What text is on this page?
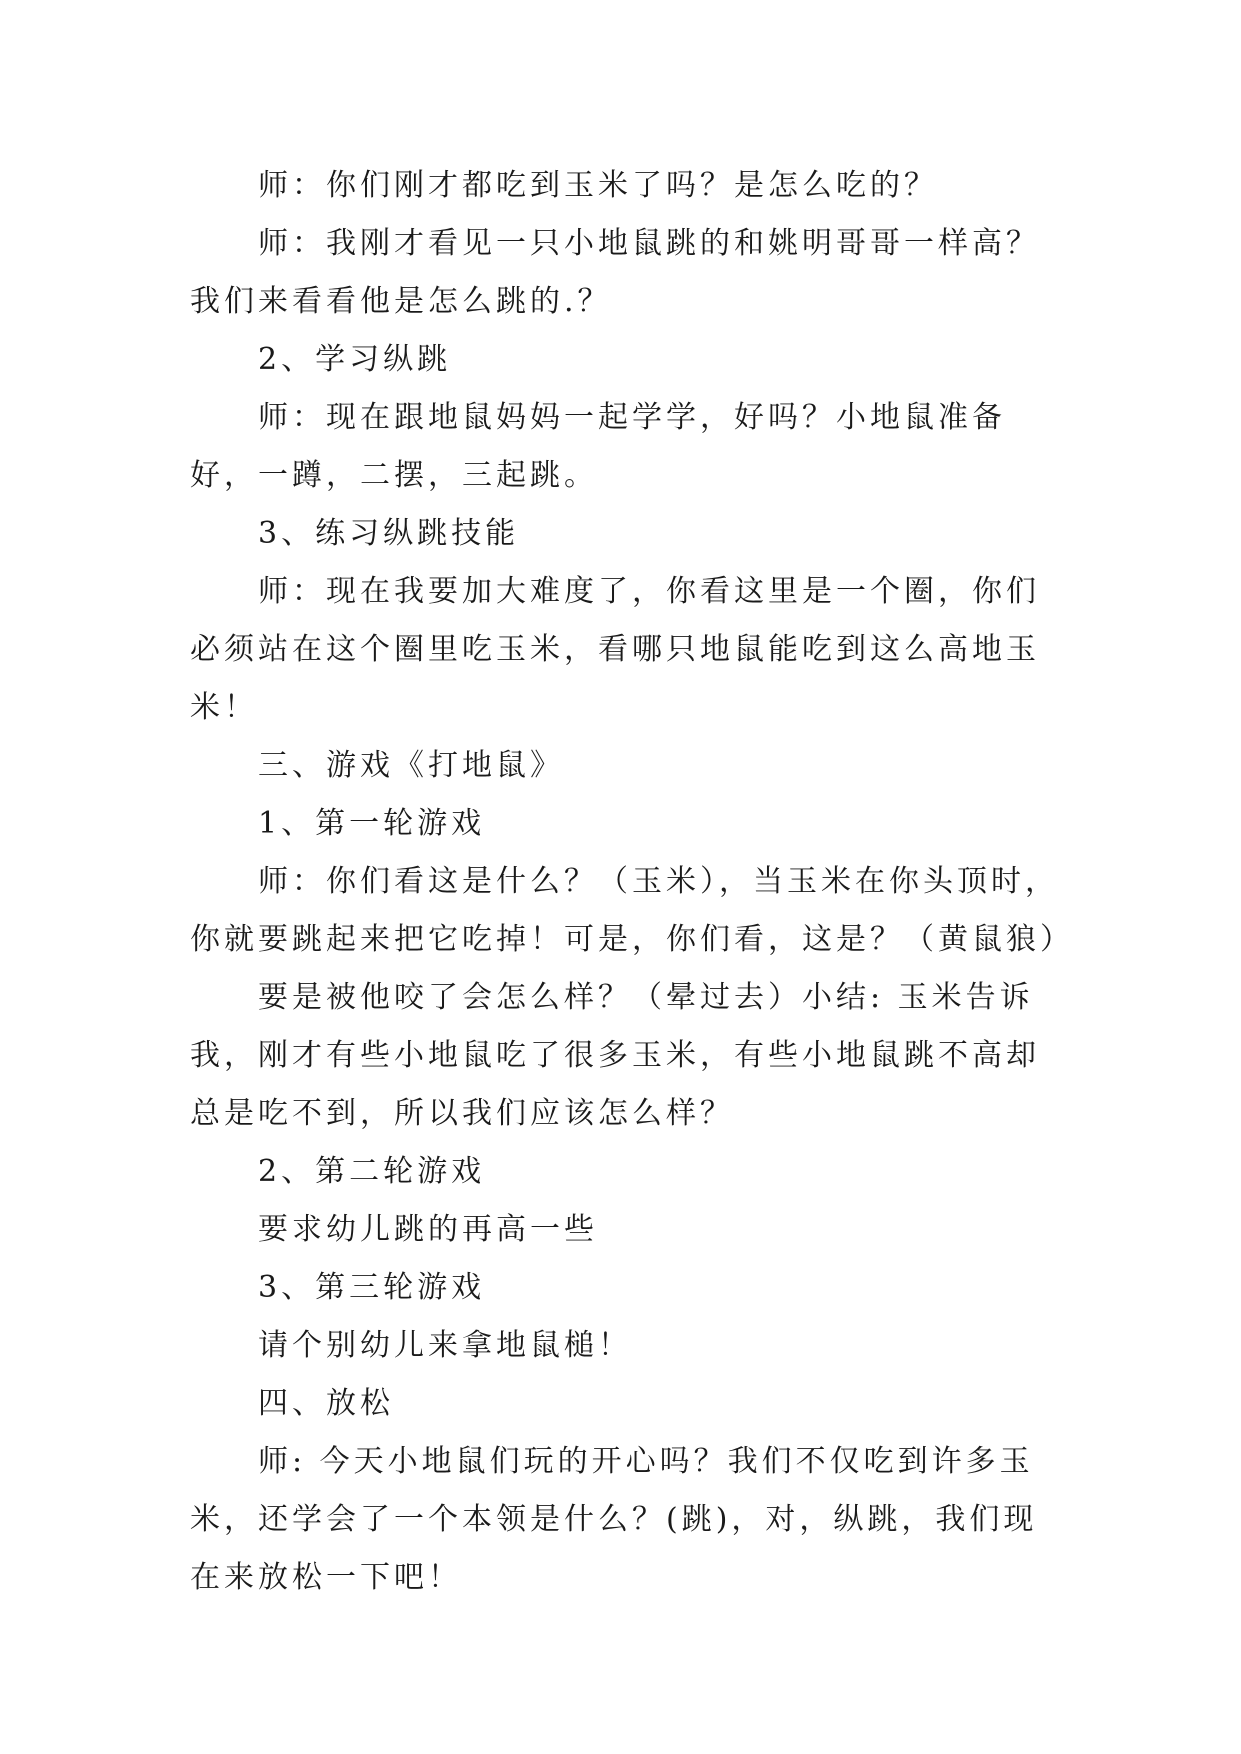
师：你们刚才都吃到玉米了吗？是怎么吃的？

师：我刚才看见一只小地鼠跳的和姚明哥哥一样高？我们来看看他是怎么跳的.？

2、学习纵跳

师：现在跟地鼠妈妈一起学学，好吗？小地鼠准备好，一蹲，二摆，三起跳。

3、练习纵跳技能

师：现在我要加大难度了，你看这里是一个圈，你们必须站在这个圈里吃玉米，看哪只地鼠能吃到这么高地玉米！

三、游戏《打地鼠》

1、第一轮游戏

师：你们看这是什么？（玉米），当玉米在你头顶时，你就要跳起来把它吃掉！可是，你们看，这是？（黄鼠狼）

要是被他咬了会怎么样？（晕过去）小结: 玉米告诉我，刚才有些小地鼠吃了很多玉米，有些小地鼠跳不高却总是吃不到，所以我们应该怎么样？

2、第二轮游戏

要求幼儿跳的再高一些

3、第三轮游戏

请个别幼儿来拿地鼠槌！

四、放松

师: 今天小地鼠们玩的开心吗？我们不仅吃到许多玉米，还学会了一个本领是什么？(跳)，对，纵跳，我们现在来放松一下吧！
